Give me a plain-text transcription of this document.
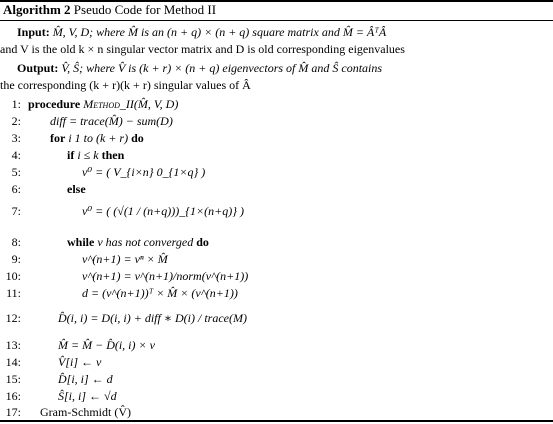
Algorithm 2 Pseudo Code for Method II
Input: M̂, V, D; where M̂ is an (n + q) × (n + q) square matrix and M̂ = ÂᵀÂ
and V is the old k × n singular vector matrix and D is old corresponding eigenvalues
Output: V̂, Ŝ; where V̂ is (k + r) × (n + q) eigenvectors of M̂ and Ŝ contains
the corresponding (k + r)(k + r) singular values of Â
1: procedure Method_II(M̂, V, D)
2: diff = trace(M̂) − sum(D)
3: for i 1 to (k + r) do
4:	if i ≤ k then
5:	v⁰ = ( V_{i×n} 0_{1×q} )
6:	else
7:	v⁰ = ( (√(1 / (n+q)))_{1×(n+q)} )
8:	while v has not converged do
9:	v^(n+1) = vⁿ × M̂
10:	v^(n+1) = v^(n+1)/norm(v^(n+1))
11:	d = (v^(n+1))ᵀ × M̂ × (v^(n+1))
12:	D̂(i, i) = D(i, i) + diff ∗ D(i) / trace(M)
13:	M̂ = M̂ − D̂(i, i) × v
14:	V̂[i] ← v
15:	D̂[i, i] ← d
16:	Ŝ[i, i] ← √d
17: Gram-Schmidt (V̂)
